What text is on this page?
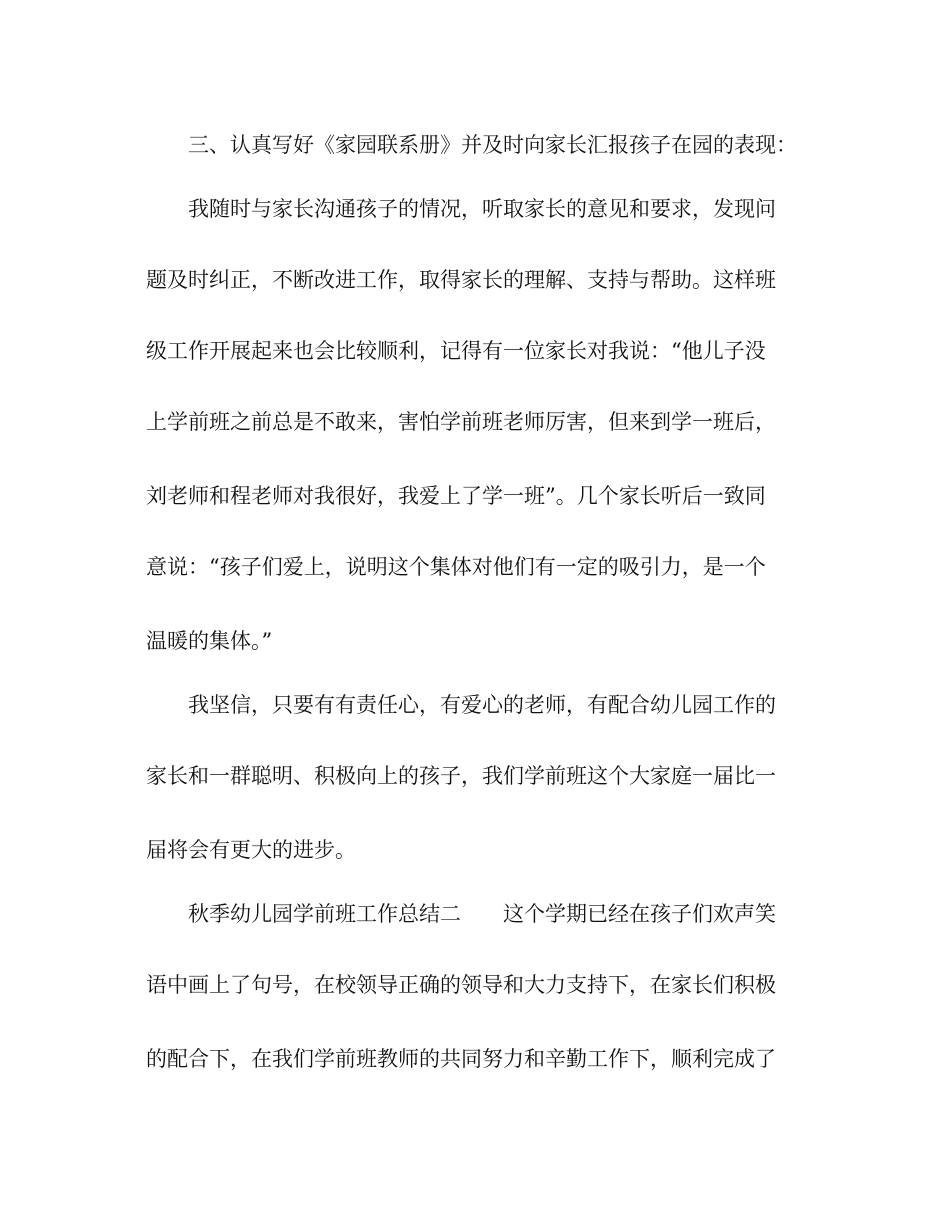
三、认真写好《家园联系册》并及时向家长汇报孩子在园的表现：

我随时与家长沟通孩子的情况，听取家长的意见和要求，发现问

题及时纠正，不断改进工作，取得家长的理解、支持与帮助。这样班

级工作开展起来也会比较顺利，记得有一位家长对我说：“他儿子没

上学前班之前总是不敢来，害怕学前班老师厉害，但来到学一班后，

刘老师和程老师对我很好，我爱上了学一班”。几个家长听后一致同

意说：“孩子们爱上，说明这个集体对他们有一定的吸引力，是一个

温暖的集体。”

我坚信，只要有有责任心，有爱心的老师，有配合幼儿园工作的

家长和一群聪明、积极向上的孩子，我们学前班这个大家庭一届比一

届将会有更大的进步。

秋季幼儿园学前班工作总结二 这个学期已经在孩子们欢声笑

语中画上了句号，在校领导正确的领导和大力支持下，在家长们积极

的配合下，在我们学前班教师的共同努力和辛勤工作下，顺利完成了
